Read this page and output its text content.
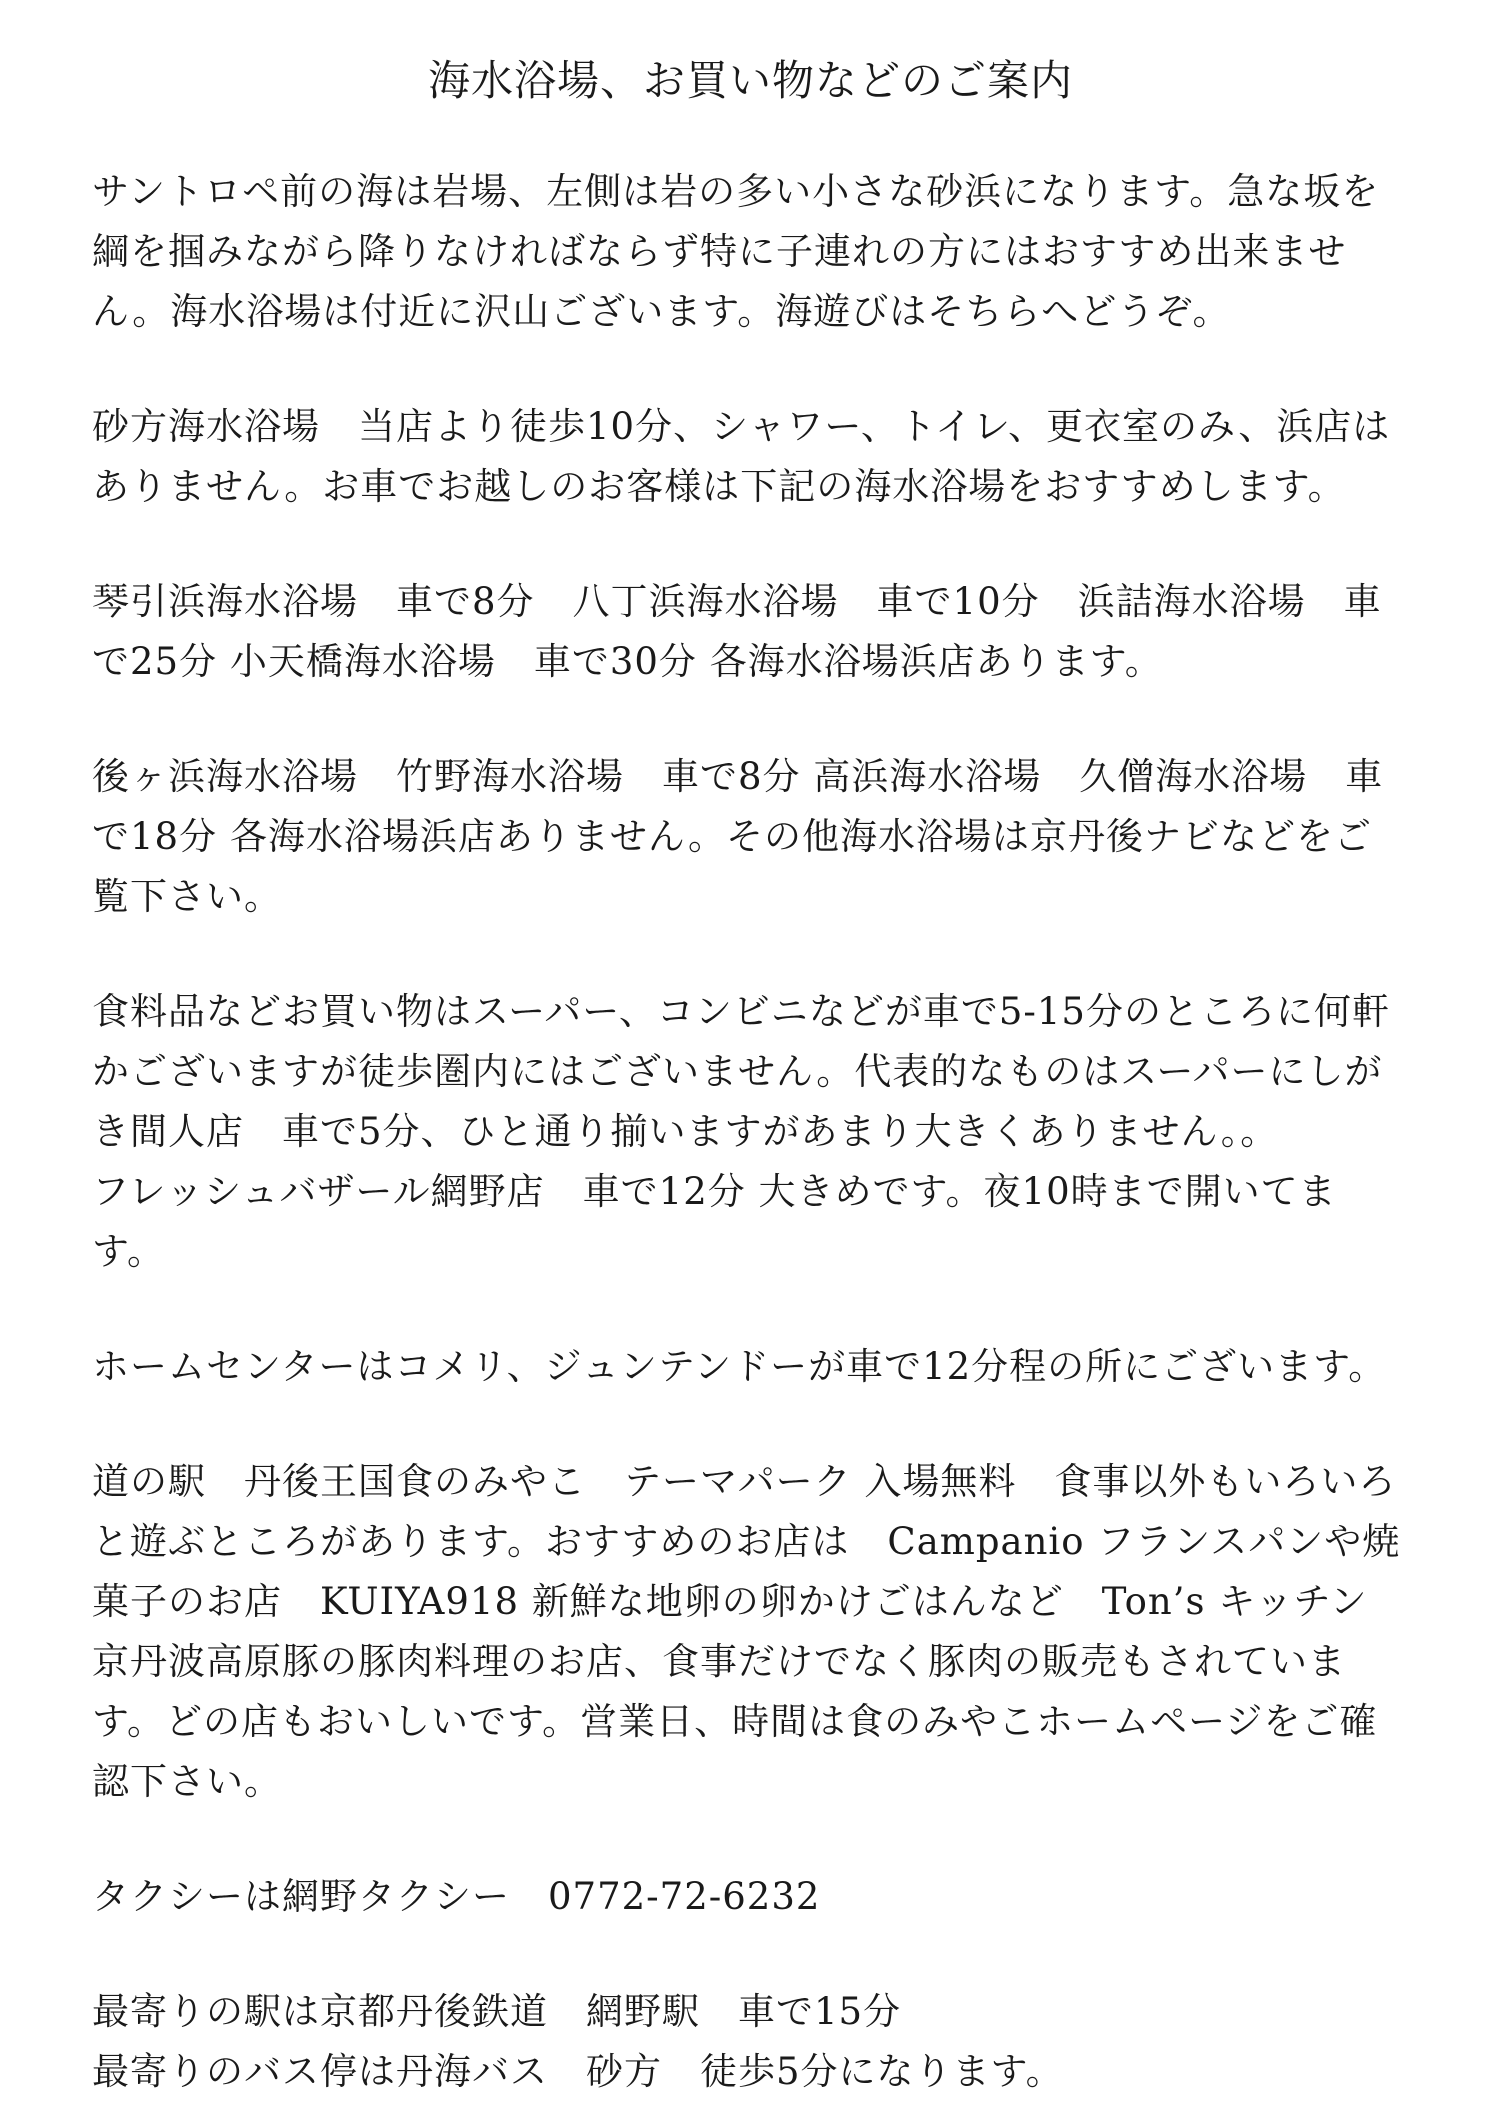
海水浴場、お買い物などのご案内
サントロペ前の海は岩場、左側は岩の多い小さな砂浜になります。急な坂を
綱を掴みながら降りなければならず特に子連れの方にはおすすめ出来ませ
ん。海水浴場は付近に沢山ございます。海遊びはそちらへどうぞ。
砂方海水浴場　当店より徒歩10分、シャワー、トイレ、更衣室のみ、浜店は
ありません。お車でお越しのお客様は下記の海水浴場をおすすめします。
琴引浜海水浴場　車で8分　八丁浜海水浴場　車で10分　浜詰海水浴場　車
で25分 小天橋海水浴場　車で30分 各海水浴場浜店あります。
後ヶ浜海水浴場　竹野海水浴場　車で8分 高浜海水浴場　久僧海水浴場　車
で18分 各海水浴場浜店ありません。その他海水浴場は京丹後ナビなどをご
覧下さい。
食料品などお買い物はスーパー、コンビニなどが車で5-15分のところに何軒
かございますが徒歩圏内にはございません。代表的なものはスーパーにしが
き間人店　車で5分、ひと通り揃いますがあまり大きくありません。。
フレッシュバザール網野店　車で12分 大きめです。夜10時まで開いてます。
ホームセンターはコメリ、ジュンテンドーが車で12分程の所にございます。
道の駅　丹後王国食のみやこ　テーマパーク 入場無料　食事以外もいろいろ
と遊ぶところがあります。おすすめのお店は　Campanio フランスパンや焼
菓子のお店　KUIYA918 新鮮な地卵の卵かけごはんなど　Ton’s キッチン
京丹波高原豚の豚肉料理のお店、食事だけでなく豚肉の販売もされていま
す。どの店もおいしいです。営業日、時間は食のみやこホームページをご確
認下さい。
タクシーは網野タクシー　0772-72-6232
最寄りの駅は京都丹後鉄道　網野駅　車で15分
最寄りのバス停は丹海バス　砂方　徒歩5分になります。
